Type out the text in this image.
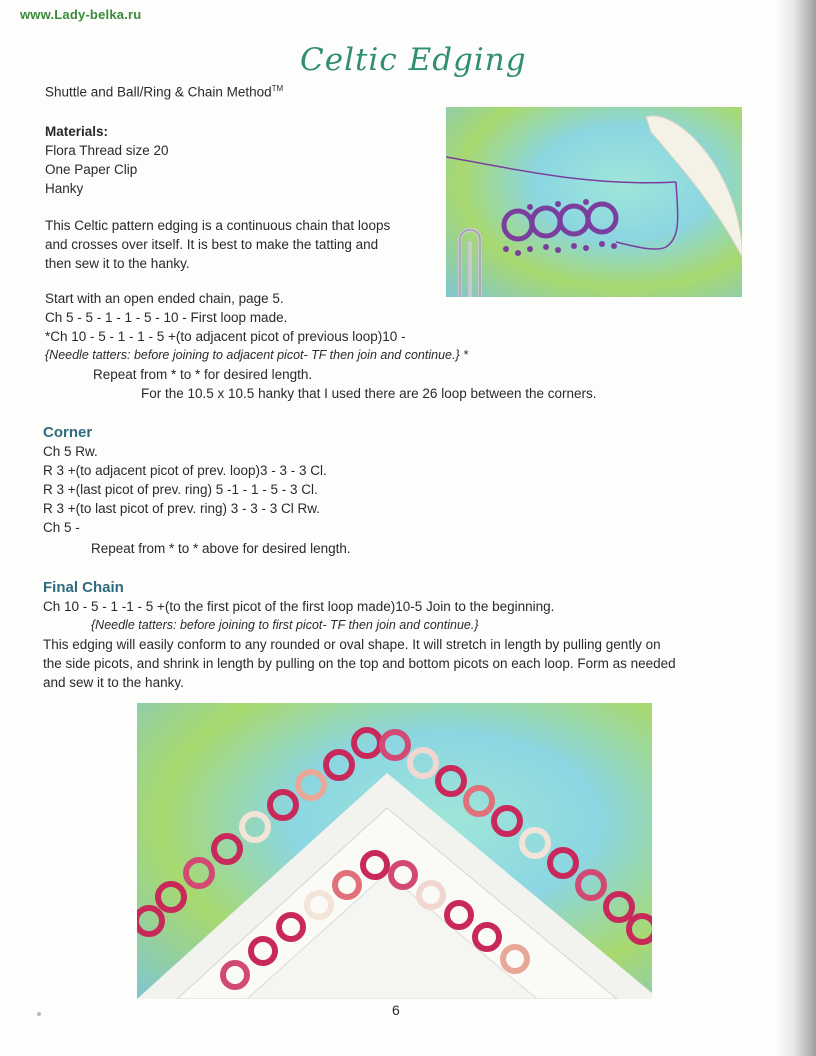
www.Lady-belka.ru
Celtic Edging
Shuttle and Ball/Ring & Chain Method™
Materials:
Flora Thread size 20
One Paper Clip
Hanky
This Celtic pattern edging is a continuous chain that loops
and crosses over itself. It is best to make the tatting and
then sew it to the hanky.
Start with an open ended chain, page 5.
Ch 5 - 5 - 1 - 1 - 5 - 10 - First loop made.
*Ch 10 - 5 - 1 - 1 - 5 +(to adjacent picot of previous loop)10 -
{Needle tatters: before joining to adjacent picot- TF then join and continue.} *
Repeat from * to * for desired length.
For the 10.5 x 10.5 hanky that I used there are 26 loop between the corners.
Corner
Ch 5 Rw.
R 3 +(to adjacent picot of prev. loop)3 - 3 - 3 Cl.
R 3 +(last picot of prev. ring) 5 -1 - 1 - 5 - 3 Cl.
R 3 +(to last picot of prev. ring) 3 - 3 - 3 Cl Rw.
Ch 5 -
Repeat from * to * above for desired length.
Final Chain
Ch 10 - 5 - 1 -1 - 5 +(to the first picot of the first loop made)10-5 Join to the beginning.
{Needle tatters: before joining to first picot- TF then join and continue.}
This edging will easily conform to any rounded or oval shape. It will stretch in length by pulling gently on
the side picots, and shrink in length by pulling on the top and bottom picots on each loop. Form as needed
and sew it to the hanky.
6
